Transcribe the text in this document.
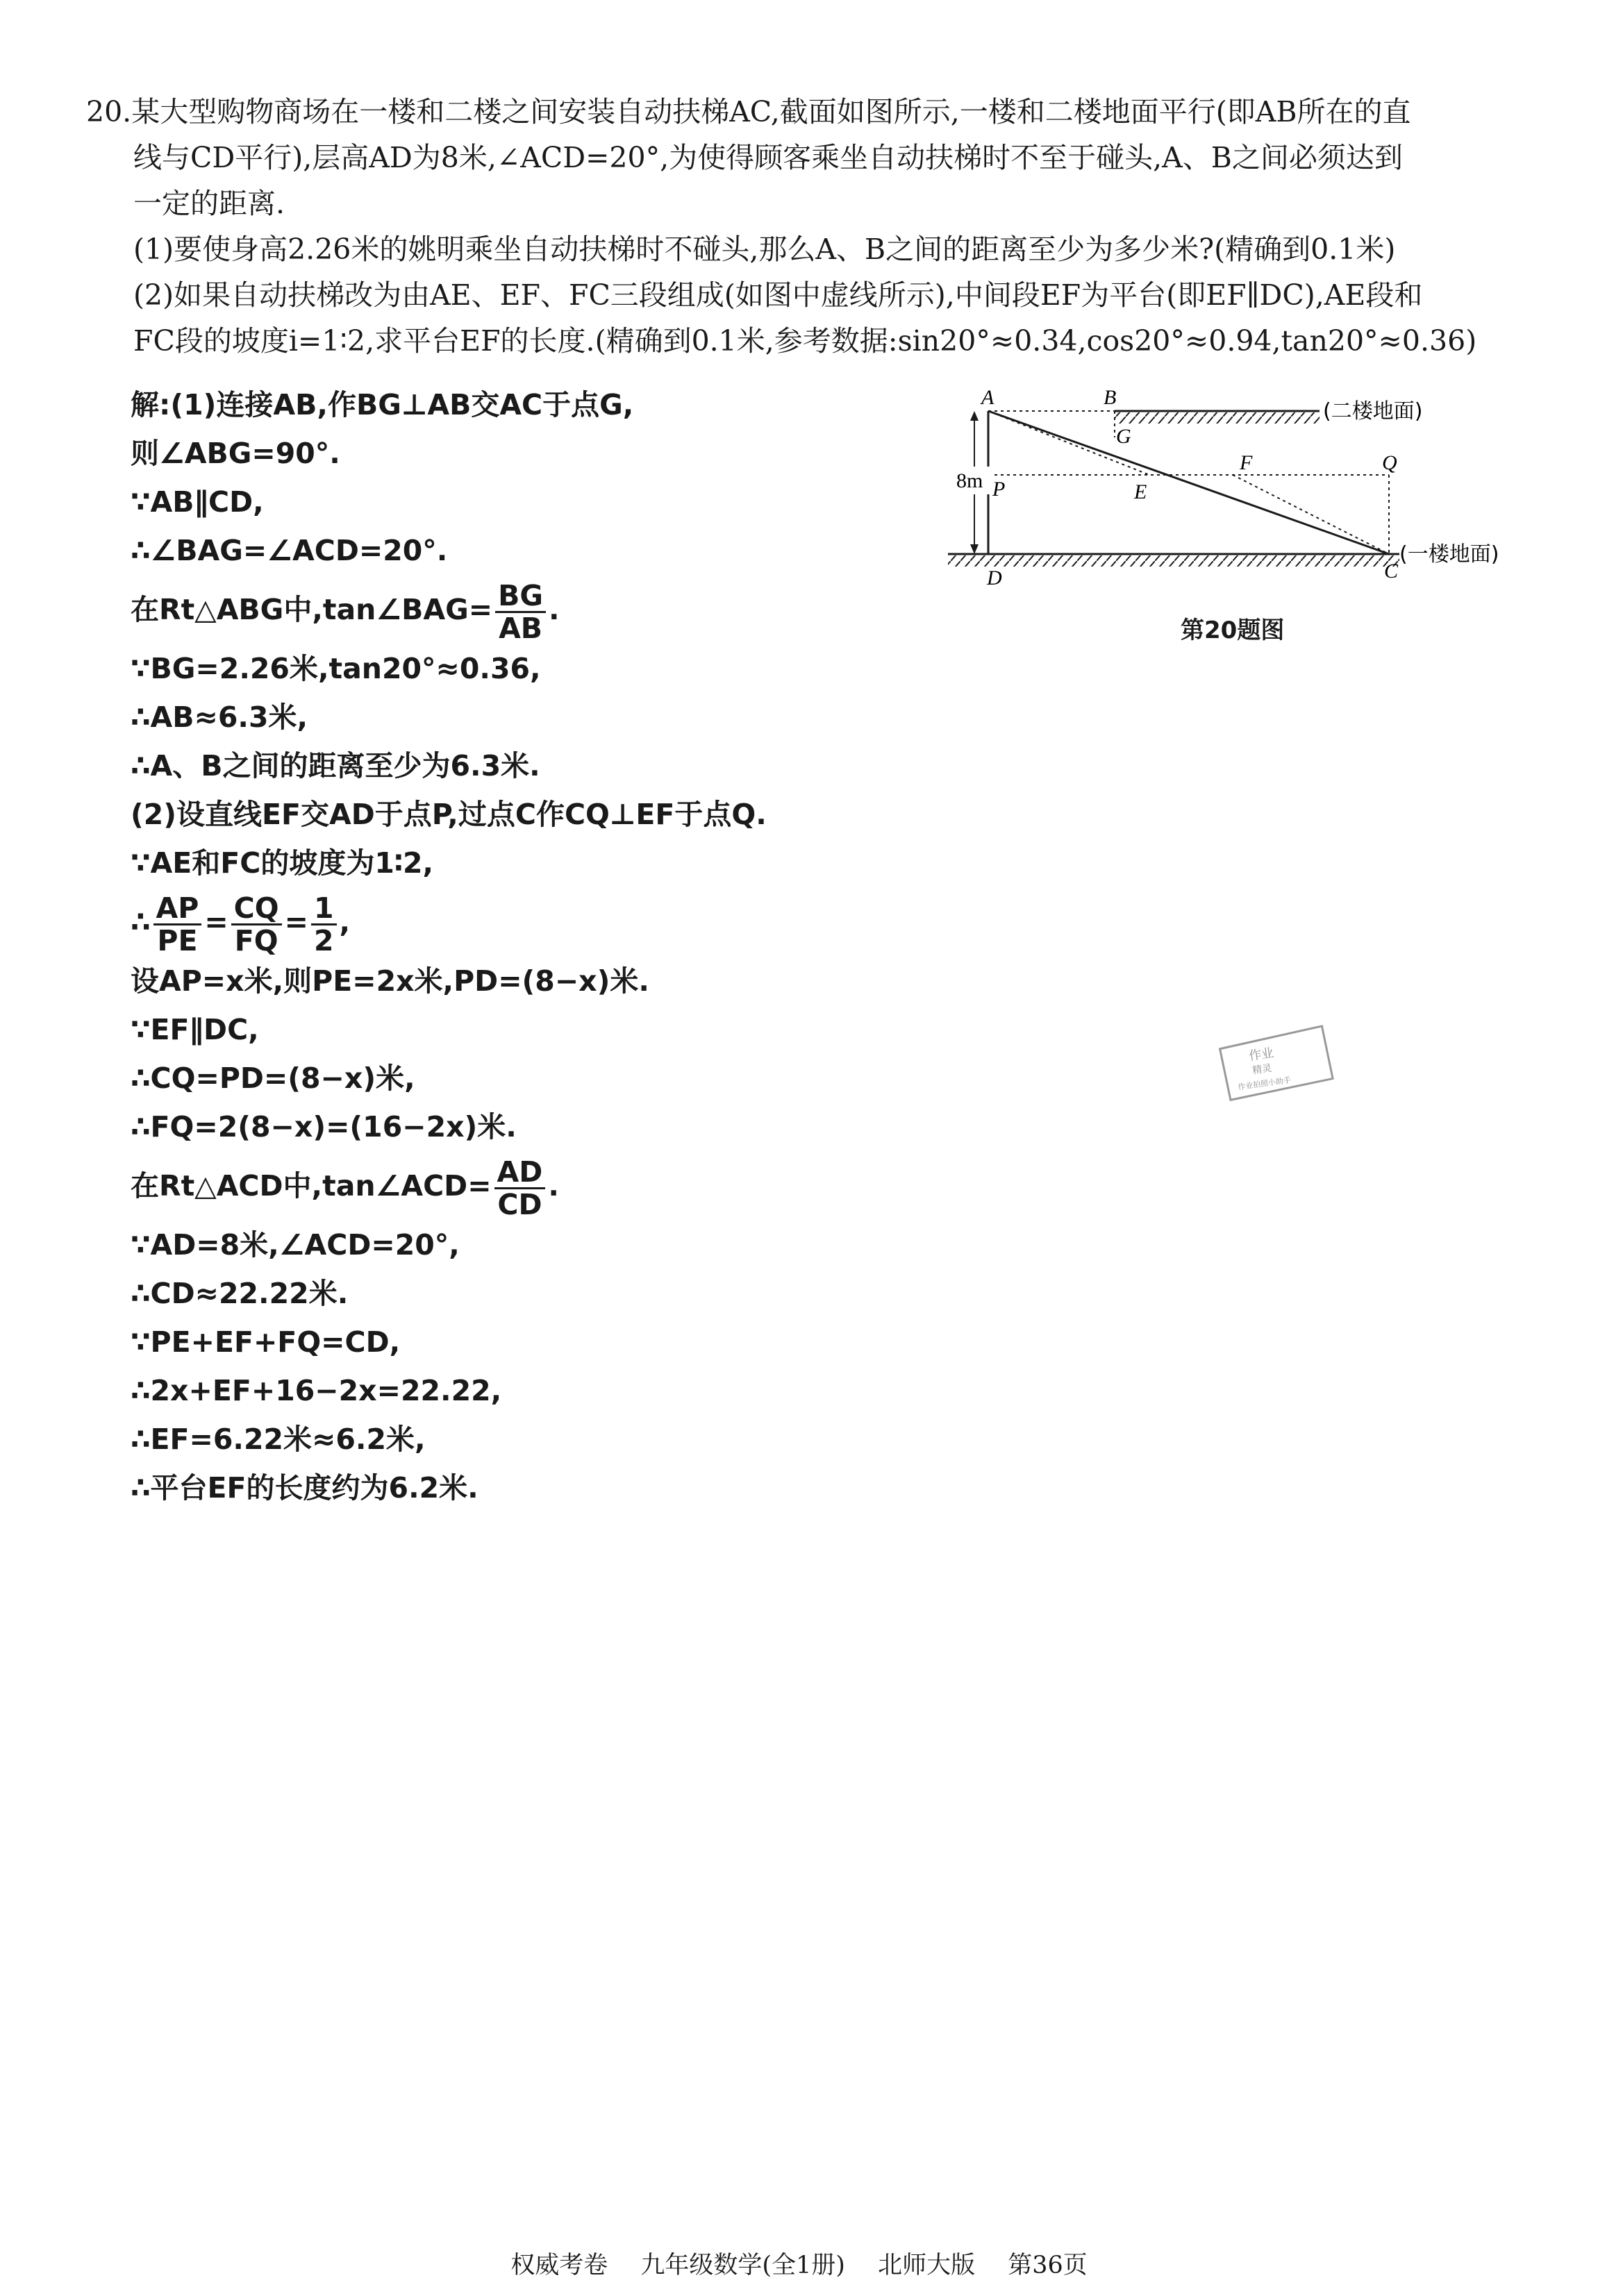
20.某大型购物商场在一楼和二楼之间安装自动扶梯AC,截面如图所示,一楼和二楼地面平行(即AB所在的直

线与CD平行),层高AD为8米,∠ACD=20°,为使得顾客乘坐自动扶梯时不至于碰头,A、B之间必须达到

一定的距离.

(1)要使身高2.26米的姚明乘坐自动扶梯时不碰头,那么A、B之间的距离至少为多少米?(精确到0.1米)

(2)如果自动扶梯改为由AE、EF、FC三段组成(如图中虚线所示),中间段EF为平台(即EF∥DC),AE段和

FC段的坡度i=1∶2,求平台EF的长度.(精确到0.1米,参考数据:sin20°≈0.34,cos20°≈0.94,tan20°≈0.36)

解:(1)连接AB,作BG⊥AB交AC于点G,
则∠ABG=90°.
∵AB∥CD,
∴∠BAG=∠ACD=20°.
在Rt△ABG中,tan∠BAG= $\frac{BG}{AB}$ .
∵BG=2.26米,tan20°≈0.36,
∴AB≈6.3米,
∴A、B之间的距离至少为6.3米.
(2)设直线EF交AD于点P,过点C作CQ⊥EF于点Q.
∵AE和FC的坡度为1∶2,
∴ $\frac{AP}{PE} = \frac{CQ}{FQ} = \frac{1}{2}$ ,
设AP=x米,则PE=2x米,PD=(8−x)米.
∵EF∥DC,
∴CQ=PD=(8−x)米,
∴FQ=2(8−x)=(16−2x)米.
在Rt△ACD中,tan∠ACD= $\frac{AD}{CD}$ .
∵AD=8米,∠ACD=20°,
∴CD≈22.22米.
∵PE+EF+FQ=CD,
∴2x+EF+16−2x=22.22,
∴EF=6.22米≈6.2米,
∴平台EF的长度约为6.2米.
8m
A	B
G
F	Q
P	E
D	C
(二楼地面)
(一楼地面)
第20题图
作业
精灵
作业拍照小助手
权威考卷 九年级数学(全1册) 北师大版 第36页
